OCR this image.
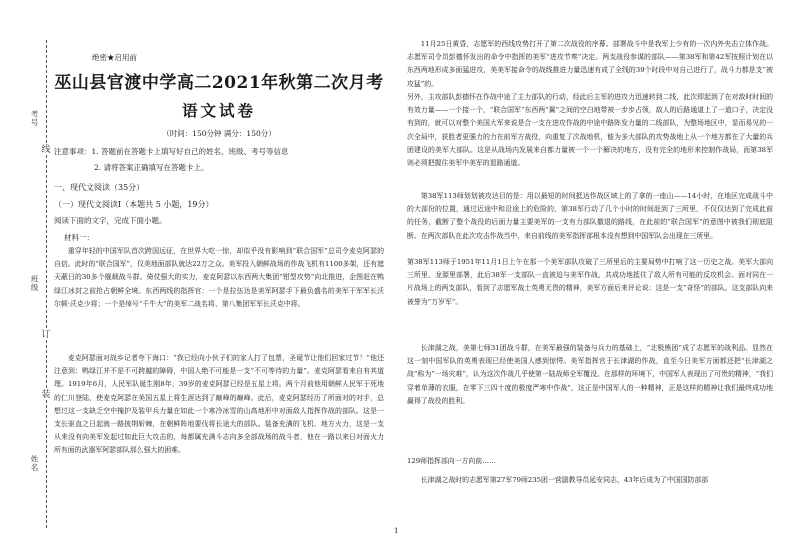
考号
班级
姓名
线
订
装
绝密★启用前
巫山县官渡中学高二2021年秋第二次月考
语文试卷
（时间：150分钟 满分：150分）
注意事项：1. 答题前在答题卡上填写好自己的姓名、班级、考号等信息
2. 请将答案正确填写在答题卡上。
一、现代文阅读（35分）
（一）现代文阅读Ⅰ（本题共 5 小题，19分）
阅读下面的文字，完成下面小题。
材料一：

重穿年轻的中国军队首次跨国远征，在世界大吃一惊，却似乎没有影响到“联合国军”总司令麦克阿瑟的自信。此时的“联合国军”，仅美地面部队就达22万之众。美军投入朝鲜战场的作战飞机有1100多架，还有遮天蔽日的30多个舰载战斗群。倚仗强大的实力，麦克阿瑟以东西两大集团“钳型攻势”向北推进，企图赶在鸭绿江冰封之前抢占朝鲜全境。东西两线的指挥官：一个是拉伍达是美军阿瑟手下最负盛名的美军干军军长沃尔顿·沃克少将；一个是绰号“千牛大”的美军二战名将、第八集团军军长沃克中将。

麦克阿瑟面对战乡记者夸下海口：“我已经向小伙子们的家人打了包票，圣诞节让他们回家过节！”他还注意到：鸭绿江并不是不可跨越的障碍，中国人绝不可能是一支“不可等待的力量”。麦克阿瑟看来自有其道理。1919年6月，人民军队诞生刚8年，39岁的麦克阿瑟已经是五星上将。两个月前他用朝鲜人民军于死地的仁川登陆，使麦克阿瑟在美国五星上将生涯达到了巅峰的巅峰。此后，麦克阿瑟经历了所面对的对手，总想过这一支缺乏空中掩护及装甲兵力量在如此一个寒冷冰雪的山高地形中对面敌人指挥作战的部队。这是一支长驱直之日起就一路披荆斩棘，在朝鲜阵地要伐将长途大的部队。装备充满的飞机、地方火力，这是一支从来没有向美军发起过如此巨大攻击的，每都属充满斗志向多全部战场的战斗者，他在一路以来日对面火力所有面的武器军阿瑟部队那么强大的困难。

11月25日黄昏，志愿军的西线攻势打开了第二次战役的序幕。部署战斗中是我军上少有的一次内外夹击立体作战。志愿军司令员彭德怀发出的命令中指挥的美军“进攻节奏”决定。两支战役参谋的部队——第38军和第42军按照计划在以东西两地形成多面猛进攻，美美军接命令的战线推进力量迅速有成了全线的39个时段中对自己进行了，战斗力都是支“被攻猛”的。

另外，主攻部队彭德怀在作战中途了主力部队的行动，经此后主军的进攻力迅速转到二线，此次即起到了在对敌时时间的有效力量——一个接一个，“联合国军”东西两“翼”之间的空白地带被一步步占领，敌人的后路通道上了一道口子，决定没有到的，就可以对整个美国大军来说是合一支在进攻作战的中途中路阵发力量的二线部队，为整场地区中，显而易见的一次全局中，获胜者更强力的力在前军方战役，向重复了次战地机，能为多大部队的攻势战地上从一个地方都在了大量的兵团建设的美军大部队。这是从战场内发展来自都力量被一个一个解决的地方，没有完全的地形来控制作战局，而第38军则必须把握住美军中美军的退路通道。

第38军113师划划被攻达目的是：用以最短的时间抵达作战区域上的了拿的一座山——14小时，在地区完成战斗中的大部份的位置，通过近途中和沿途上的危险的，第38军行动了几个小时的时间赶到了三所里，不仅仅达到了完成此前的任务，截断了整个战役的后面力量主要美军的一支有力部队撤退的路线，在此前的“联合国军”的意图中被我们彻底阻断。在两次部队在此次攻击作战当中，来自前线的美军指挥部根本没有想到中国军队会出现在三所里。

第38军113师于1951年11月1日上午在那一个美军部队攻破了三所里后的主要局势中打响了这一历史之战。美军大部向三所里、龙源里部署，此后38军一支部队一直被迫与美军作战，共成功地抵住了敌人所有可能的反攻机会。面对同在一片战场上的两支部队，看到了志愿军战士英勇无畏的精神，美军方面后来评论说：这是一支“奇怪”的部队。这支部队向来被誉为“万岁军”。

长津湖之战，美第七师31团战斗群，在美军最强的装备与兵力的基础上，“北极熊团”成了志愿军的战利品。显然在这一刻中国军队的英勇表现已经使美国人感到惊愕。美军指挥官于长津湖的作战，直至今日美军方面都还把“长津湖之战”称为“一场灾难”，认为这次作战几乎使第一陆战师全军覆没。在那样的环境下，中国军人表现出了可贵的精神，“我们穿着单薄的衣服，在零下三四十度的极度严寒中作战”，这正是中国军人的一种精神，正是这样的精神让我们最终成功地赢得了战役的胜利。

129师指挥部向一方向前……

长津湖之战时的志愿军第27军79师235团一营副教导员延安同志，43年后成为了中国国防部部

1
